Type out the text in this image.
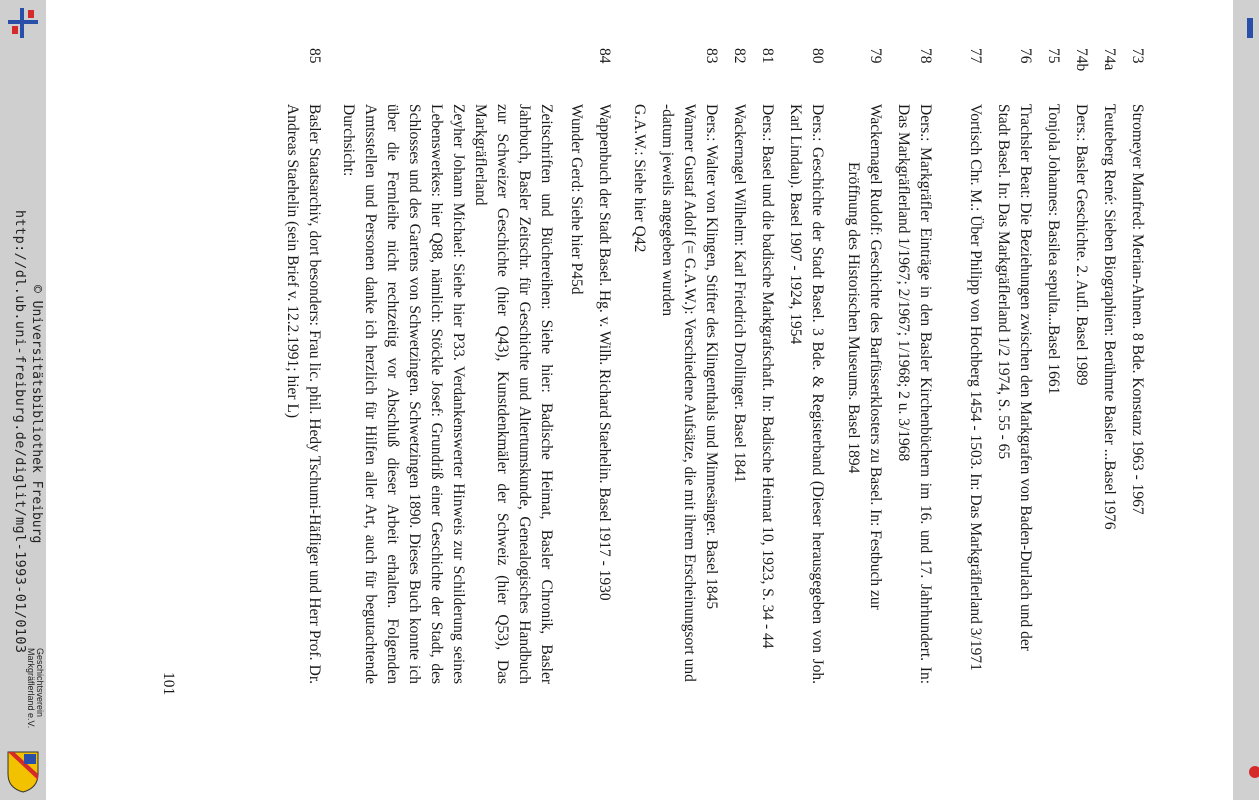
http://dl.ub.uni-freiburg.de/diglit/mgl-1993-01/0103 © Universitätsbibliothek Freiburg
Geschichtsverein
Markgräflerland e.V.
73

Stromeyer Manfred: Merian-Ahnen. 8 Bde. Konstanz 1963 - 1967

74a

Teuteberg René: Sieben Biographien: Berühmte Basler ...Basel 1976

74b

Ders.: Basler Geschichte. 2. Aufl. Basel 1989

75

Tonjola Johannes: Basilea sepulta...Basel 1661

76

Trachsler Beat: Die Beziehungen zwischen den Markgrafen von Baden-Durlach und der Stadt Basel. In: Das Markgräflerland 1/2 1974, S. 55 - 65

77

Vortisch Chr. M.: Über Philipp von Hochberg 1454 - 1503. In: Das Markgräflerland 3/1971

78

Ders.: Markgräfler Einträge in den Basler Kirchenbüchern im 16. und 17. Jahrhundert. In: Das Markgräflerland 1/1967; 2/1967; 1/1968; 2 u. 3/1968

79

Wackernagel Rudolf: Geschichte des Barfüsserklosters zu Basel. In: Festbuch zur

Eröffnung des Historischen Museums. Basel 1894

80

Ders.: Geschichte der Stadt Basel. 3 Bde. & Registerband (Dieser herausgegeben von Joh. Karl Lindau). Basel 1907 - 1924, 1954

81

Ders.: Basel und die badische Markgrafschaft. In: Badische Heimat 10, 1923, S. 34 - 44

82

Wackernagel Wilhelm: Karl Friedrich Drollinger. Basel 1841

83

Ders.: Walter von Klingen, Stifter des Klingenthals und Minnesänger. Basel 1845

Wanner Gustaf Adolf (= G.A.W.): Verschiedene Aufsätze, die mit ihrem Erscheinungsort und -datum jeweils angegeben wurden

G.A.W.: Siehe hier Q42

84

Wappenbuch der Stadt Basel. Hg. v. Wilh. Richard Staehelin. Basel 1917 - 1930

Wunder Gerd: Siehe hier P45d

Zeitschriften und Büchereihen: Siehe hier: Badische Heimat, Basler Chronik, Basler Jahrbuch, Basler Zeitschr. für Geschichte und Altertumskunde, Genealogisches Handbuch zur Schweizer Geschichte (hier Q43), Kunstdenkmäler der Schweiz (hier Q53), Das Markgräflerland

Zeyher Johann Michael: Siehe hier P33. Verdankenswerter Hinweis zur Schilderung seines Lebenswerkes: hier Q88, nämlich: Stöckle Josef: Grundriß einer Geschichte der Stadt, des Schlosses und des Gartens von Schwetzingen. Schwetzingen 1890. Dieses Buch konnte ich über die Fernleihe nicht rechtzeitig vor Abschluß dieser Arbeit erhalten. Folgenden Amtsstellen und Personen danke ich herzlich für Hilfen aller Art, auch für begutachtende Durchsicht:

85

Basler Staatsarchiv, dort besonders: Frau lic. phil. Hedy Tschumi-Häfliger und Herr Prof. Dr. Andreas Staehelin (sein Brief v. 12.2.1991; hier L)

101
